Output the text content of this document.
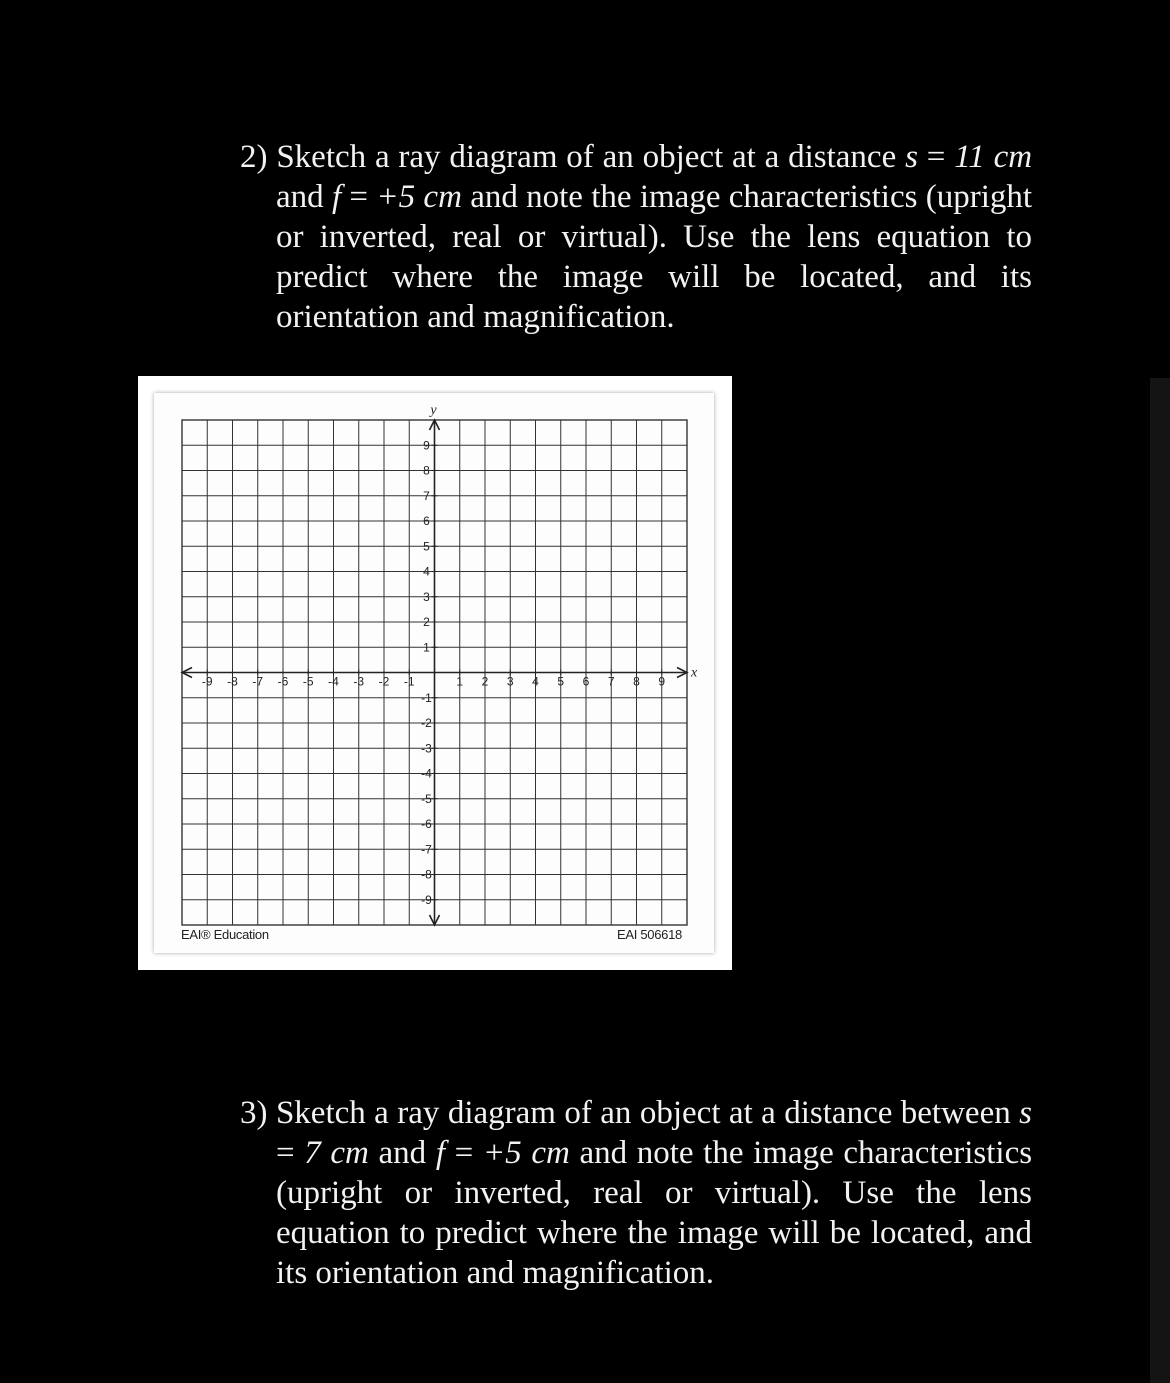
2) Sketch a ray diagram of an object at a distance s = 11 cm and f = +5 cm and note the image characteristics (upright or inverted, real or virtual). Use the lens equation to predict where the image will be located, and its orientation and magnification.
-9 -8 -7 -6 -5 -4 -3 -2 -1	1 2 3 4 5 6 7 8 9
9
8
7
6
5
4
3
2
1
-1
-2
-3
-4
-5
-6
-7
-8
-9
x
y
EAI® Education	EAI 506618
3) Sketch a ray diagram of an object at a distance between s = 7 cm and f = +5 cm and note the image characteristics (upright or inverted, real or virtual). Use the lens equation to predict where the image will be located, and its orientation and magnification.
